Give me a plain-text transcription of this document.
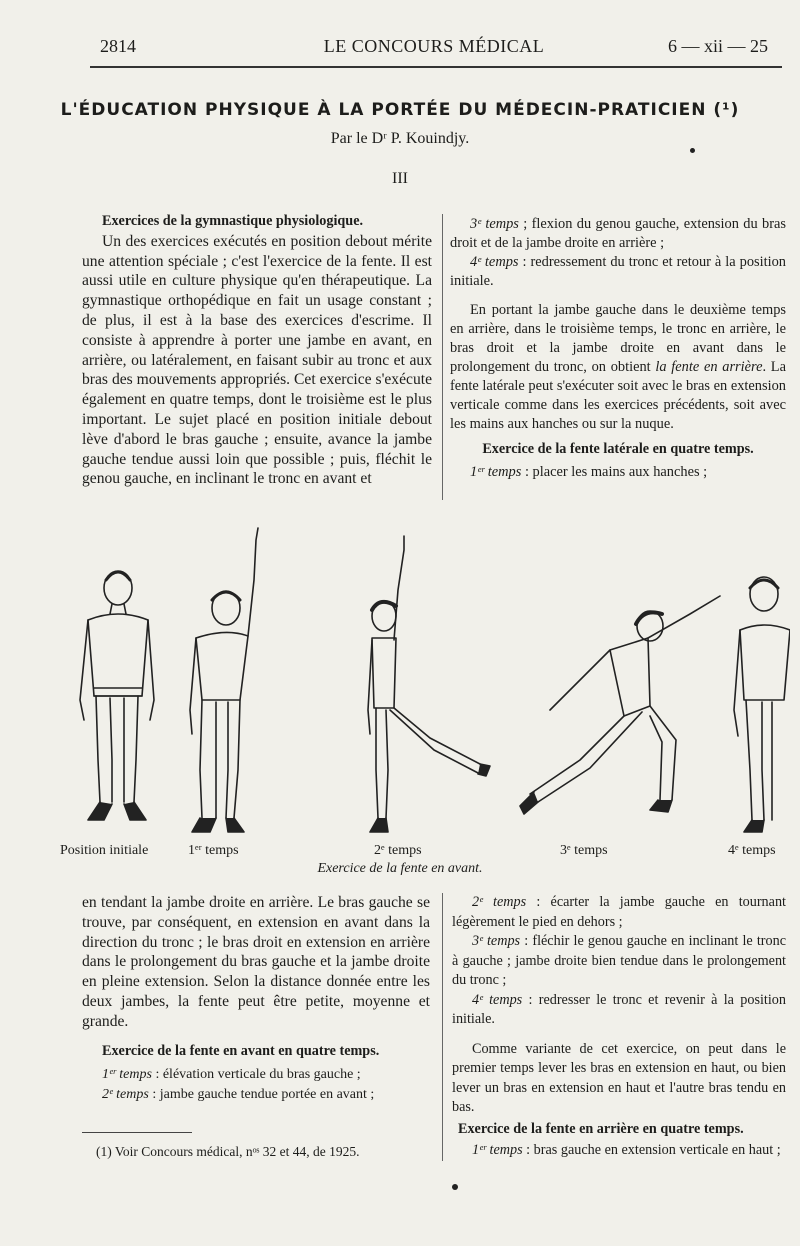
2814	LE CONCOURS MÉDICAL	6 — xii — 25
L'ÉDUCATION PHYSIQUE À LA PORTÉE DU MÉDECIN-PRATICIEN (¹)
Par le Dʳ P. Kouindjy.
III

Exercices de la gymnastique physiologique.

Un des exercices exécutés en position debout mérite une attention spéciale ; c'est l'exercice de la fente. Il est aussi utile en culture physique qu'en thérapeutique. La gymnastique orthopédique en fait un usage constant ; de plus, il est à la base des exercices d'escrime. Il consiste à apprendre à porter une jambe en avant, en arrière, ou latéralement, en faisant subir au tronc et aux bras des mouvements appropriés. Cet exercice s'exécute également en quatre temps, dont le troisième est le plus important. Le sujet placé en position initiale debout lève d'abord le bras gauche ; ensuite, avance la jambe gauche tendue aussi loin que possible ; puis, fléchit le genou gauche, en inclinant le tronc en avant et

3ᵉ temps ; flexion du genou gauche, extension du bras droit et de la jambe droite en arrière ;

4ᵉ temps : redressement du tronc et retour à la position initiale.

En portant la jambe gauche dans le deuxième temps en arrière, dans le troisième temps, le tronc en arrière, le bras droit et la jambe droite en avant dans le prolongement du tronc, on obtient la fente en arrière. La fente latérale peut s'exécuter soit avec le bras en extension verticale comme dans les exercices précédents, soit avec les mains aux hanches ou sur la nuque.

Exercice de la fente latérale en quatre temps.

1ᵉʳ temps : placer les mains aux hanches ;

Position initiale	1ᵉʳ temps	2ᵉ temps	3ᵉ temps	4ᵉ temps
Exercice de la fente en avant.

en tendant la jambe droite en arrière. Le bras gauche se trouve, par conséquent, en extension en avant dans la direction du tronc ; le bras droit en extension en arrière dans le prolongement du bras gauche et la jambe droite en pleine extension. Selon la distance donnée entre les deux jambes, la fente peut être petite, moyenne et grande.

Exercice de la fente en avant en quatre temps.

1ᵉʳ temps : élévation verticale du bras gauche ;

2ᵉ temps : jambe gauche tendue portée en avant ;

2ᵉ temps : écarter la jambe gauche en tournant légèrement le pied en dehors ;

3ᵉ temps : fléchir le genou gauche en inclinant le tronc à gauche ; jambe droite bien tendue dans le prolongement du tronc ;

4ᵉ temps : redresser le tronc et revenir à la position initiale.

Comme variante de cet exercice, on peut dans le premier temps lever les bras en extension en haut, ou bien lever un bras en extension en haut et l'autre bras tendu en bas.

Exercice de la fente en arrière en quatre temps.

1ᵉʳ temps : bras gauche en extension verticale en haut ;

(1) Voir Concours médical, nᵒˢ 32 et 44, de 1925.
